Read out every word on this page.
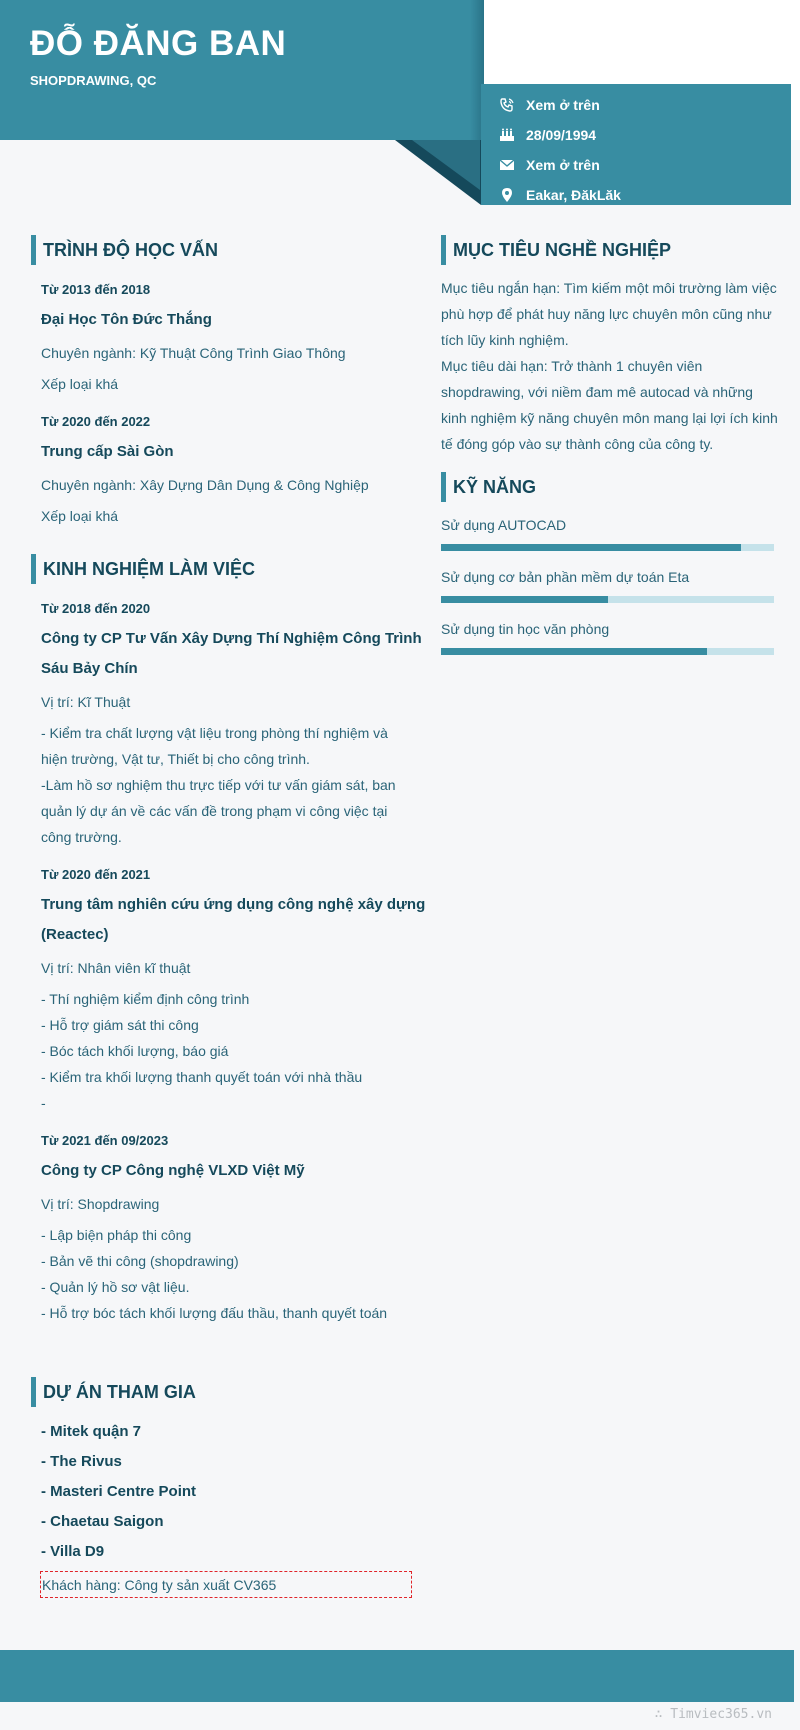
ĐỖ ĐĂNG BAN
SHOPDRAWING, QC
Xem ở trên
28/09/1994
Xem ở trên
Eakar, ĐăkLăk
TRÌNH ĐỘ HỌC VẤN
Từ 2013 đến 2018
Đại Học Tôn Đức Thắng
Chuyên ngành: Kỹ Thuật Công Trình Giao Thông
Xếp loại khá
Từ 2020 đến 2022
Trung cấp Sài Gòn
Chuyên ngành: Xây Dựng Dân Dụng & Công Nghiệp
Xếp loại khá
KINH NGHIỆM LÀM VIỆC
Từ 2018 đến 2020
Công ty CP Tư Vấn Xây Dựng Thí Nghiệm Công Trình
Sáu Bảy Chín
Vị trí: Kĩ Thuật
- Kiểm tra chất lượng vật liệu trong phòng thí nghiệm và
hiện trường, Vật tư, Thiết bị cho công trình.
-Làm hồ sơ nghiệm thu trực tiếp với tư vấn giám sát, ban
quản lý dự án về các vấn đề trong phạm vi công việc tại
công trường.
Từ 2020 đến 2021
Trung tâm nghiên cứu ứng dụng công nghệ xây dựng
(Reactec)
Vị trí: Nhân viên kĩ thuật
- Thí nghiệm kiểm định công trình
- Hỗ trợ giám sát thi công
- Bóc tách khối lượng, báo giá
- Kiểm tra khối lượng thanh quyết toán với nhà thầu
-
Từ 2021 đến 09/2023
Công ty CP Công nghệ VLXD Việt Mỹ
Vị trí: Shopdrawing
- Lập biện pháp thi công
- Bản vẽ thi công (shopdrawing)
- Quản lý hồ sơ vật liệu.
- Hỗ trợ bóc tách khối lượng đấu thầu, thanh quyết toán
DỰ ÁN THAM GIA
- Mitek quận 7
- The Rivus
- Masteri Centre Point
- Chaetau Saigon
- Villa D9
Khách hàng: Công ty sản xuất CV365
MỤC TIÊU NGHỀ NGHIỆP
Mục tiêu ngắn hạn: Tìm kiếm một môi trường làm việc
phù hợp để phát huy năng lực chuyên môn cũng như
tích lũy kinh nghiệm.
Mục tiêu dài hạn: Trở thành 1 chuyên viên
shopdrawing, với niềm đam mê autocad và những
kinh nghiệm kỹ năng chuyên môn mang lại lợi ích kinh
tế đóng góp vào sự thành công của công ty.
KỸ NĂNG
Sử dụng AUTOCAD
Sử dụng cơ bản phần mềm dự toán Eta
Sử dụng tin học văn phòng
∴ Timviec365.vn
